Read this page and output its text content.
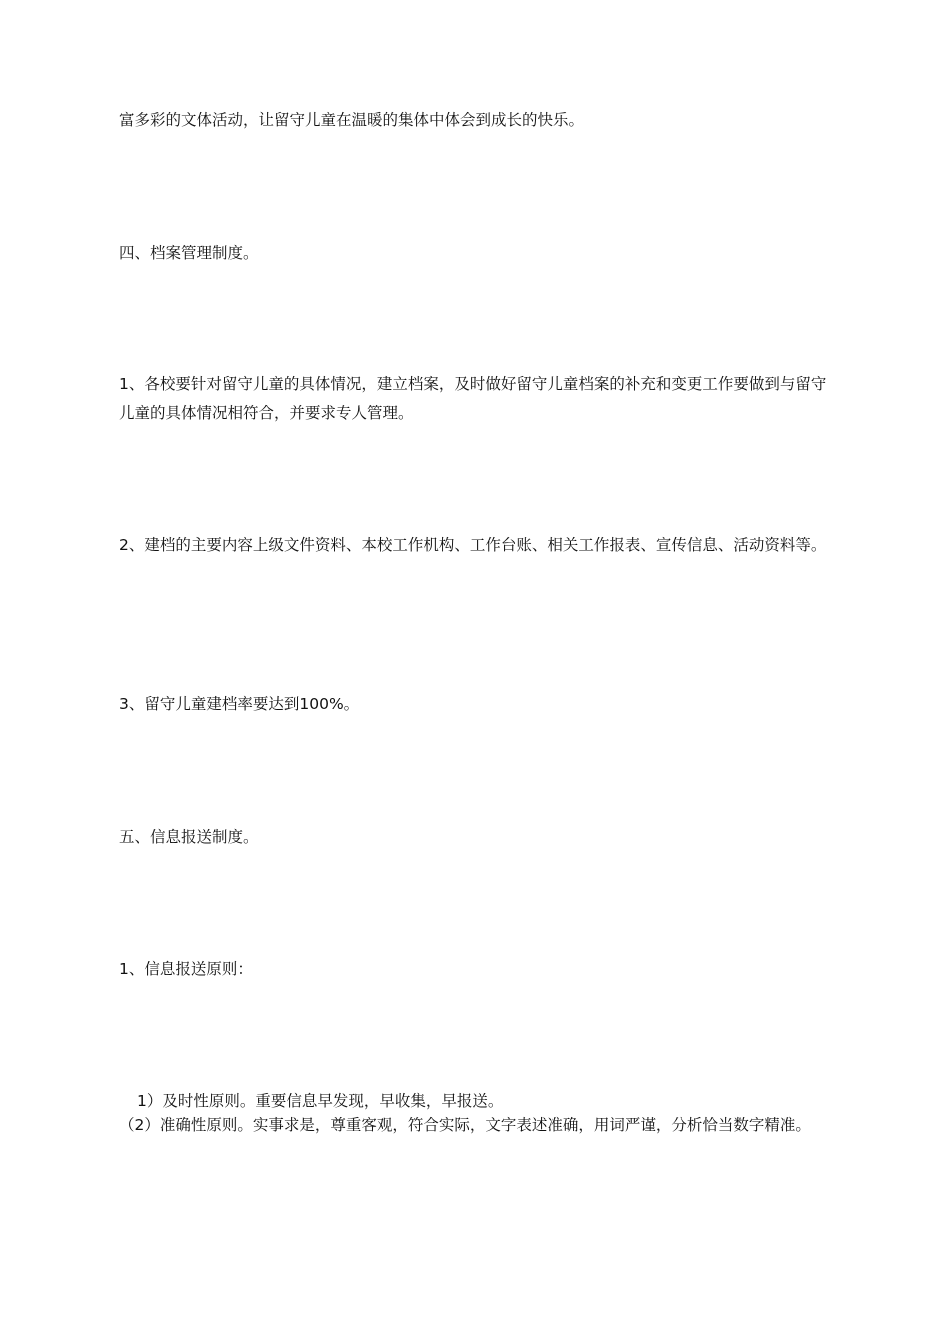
富多彩的文体活动，让留守儿童在温暖的集体中体会到成长的快乐。

四、档案管理制度。

1、各校要针对留守儿童的具体情况，建立档案，及时做好留守儿童档案的补充和变更工作要做到与留守儿童的具体情况相符合，并要求专人管理。

2、建档的主要内容上级文件资料、本校工作机构、工作台账、相关工作报表、宣传信息、活动资料等。

3、留守儿童建档率要达到100%。

五、信息报送制度。

1、信息报送原则：

1）及时性原则。重要信息早发现，早收集，早报送。

（2）准确性原则。实事求是，尊重客观，符合实际，文字表述准确，用词严谨，分析恰当数字精准。
